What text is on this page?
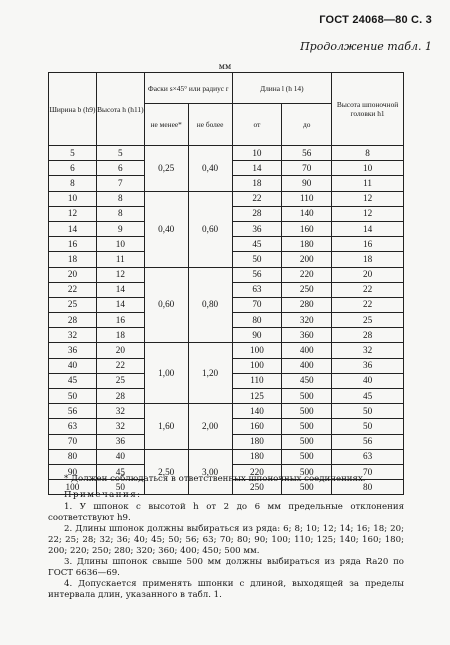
ГОСТ 24068—80 С. 3
Продолжение табл. 1
мм
Ширина b (h9)	Высота h (h11)	Фаски s×45° или радиус r		Длина l (h 14)		Высота шпоночной головки h1
		не менее*	не более	от	до	
5	5	0,25	0,40	10	56	8
6	6			14	70	10
8	7			18	90	11
10	8	0,40	0,60	22	110	12
12	8			28	140	12
14	9			36	160	14
16	10			45	180	16
18	11			50	200	18
20	12	0,60	0,80	56	220	20
22	14			63	250	22
25	14			70	280	22
28	16			80	320	25
32	18			90	360	28
36	20	1,00	1,20	100	400	32
40	22			100	400	36
45	25			110	450	40
50	28			125	500	45
56	32	1,60	2,00	140	500	50
63	32			160	500	50
70	36			180	500	56
80	40	2,50	3,00	180	500	63
90	45			220	500	70
100	50			250	500	80
* Должен соблюдаться в ответственных шпоночных соединениях.

Примечания:

1. У шпонок с высотой h от 2 до 6 мм предельные отклонения соответствуют h9.

2. Длины шпонок должны выбираться из ряда: 6; 8; 10; 12; 14; 16; 18; 20; 22; 25; 28; 32; 36; 40; 45; 50; 56; 63; 70; 80; 90; 100; 110; 125; 140; 160; 180; 200; 220; 250; 280; 320; 360; 400; 450; 500 мм.

3. Длины шпонок свыше 500 мм должны выбираться из ряда Ra20 по ГОСТ 6636—69.

4. Допускается применять шпонки с длиной, выходящей за пределы интервала длин, указанного в табл. 1.
